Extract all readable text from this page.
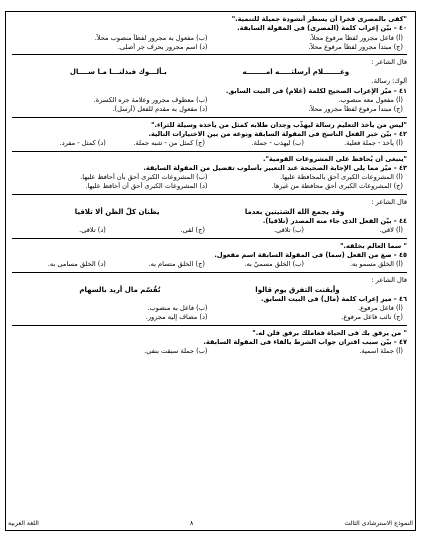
"كفى بالمصرى فخرا أن يسطر أنشودة جميلة للتنمية."
٤٠ - بيّن إعراب كلمة (المصرى) فى المقولة السابقة.
(أ) فاعل مجرور لفظاً مرفوع محلاً.
(ب) مفعول به مجرور لفظاً منصوب محلاً.
(ج) مبتدأ مجرور لفظاً مرفوع محلاً.
(د) اسم مجرور بحرف جر أصلى.
قال الشاعر :
وغـــــــلام أرسلتـــــه امــــــــه
بـألـــوك فبذلنـــا مـا ســــال
ألوك: رسالة.
٤١ - ميّز الإعراب الصحيح لكلمة (غلام) فى البيت السابق.
(أ) مفعول معه منصوب.
(ب) معطوف مجرور وعلامة جره الكسرة.
(ج) مبتدأ مرفوع لفظاً مجرور محلاً.
(د) مفعول به مقدم للفعل (أرسل).
"ليس من يأخذ التعليم رسالة ليهذّب وجدان طلابه كمثل من يأخذه وسيلة للثراء."
٤٢ - بيّن خبر الفعل الناسخ فى المقولة السابقة ونوعه من بين الاختيارات التالية.
(أ) يأخذ - جملة فعلية.
(ب) ليهذب - جملة.
(ج) كمثل من - شبه جملة.
(د) كمثل - مفرد.
"ينبغى أن يُحافظ على المشروعات القومية".
٤٣ - ميّز مما يلى الإجابة الصحيحة عند التعبير بأسلوب تفضيل من المقولة السابقة.
(أ) المشروعات الكبرى أحق بالمحافظة عليها.
(ب) المشروعات الكبرى أحق بأن أحافظ عليها.
(ج) المشروعات الكبرى أحق محافظة من غيرها.
(د) المشروعات الكبرى أحق أن أحافظ عليها.
قال الشاعر :
وقد يجمع الله الشتيتين بعدما
يظنان كلّ الظن ألا تلاقيا
٤٤ - بيّن الفعل الذى جاء منه المصدر (تلاقيا).
(أ) لاقى.
(ب) تلاقى.
(ج) لقى.
(د) تلاقى.
" سما العالم بخلقه."
٤٥ - صغ من الفعل (سما) فى المقولة السابقة اسم مفعول.
(أ) الخلق مسمو به.
(ب) الخلق مسميّ به.
(ج) الخلق متسام به.
(د) الخلق مسامى به.
قال الشاعر :
وأيقنت التفرق يوم قالوا
تُقُسّم مال أربد بالسهام
٤٦ - ميز إعراب كلمة (مال) فى البيت السابق.
(أ) فاعل مرفوع.
(ب) فاعل به منصوب.
(ج) نائب فاعل مرفوع.
(د) مضاف إليه مجرور.
" من يرفق بك فى الحياة فعاملك برفق فلن له."
٤٧ - بيّن سبب اقتران جواب الشرط بالفاء فى المقولة السابقة.
(أ) جملة اسمية.
(ب) جملة سبقت بنفى.
النموذج الاسترشادى الثالث
٨
اللغة العربية
